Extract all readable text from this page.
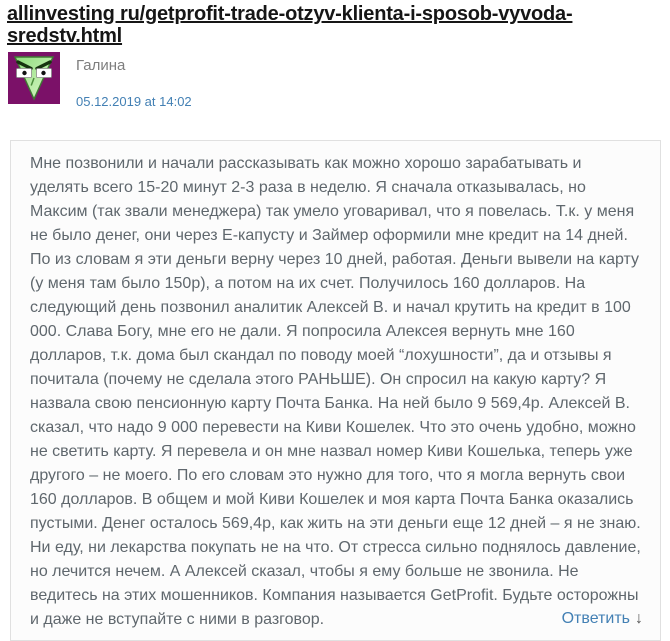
allinvesting ru/getprofit-trade-otzyv-klienta-i-sposob-vyvoda-sredstv.html
Галина
05.12.2019 at 14:02

Мне позвонили и начали рассказывать как можно хорошо зарабатывать и уделять всего 15-20 минут 2-3 раза в неделю. Я сначала отказывалась, но Максим (так звали менеджера) так умело уговаривал, что я повелась. Т.к. у меня не было денег, они через Е-капусту и Займер оформили мне кредит на 14 дней. По из словам я эти деньги верну через 10 дней, работая. Деньги вывели на карту (у меня там было 150р), а потом на их счет. Получилось 160 долларов. На следующий день позвонил аналитик Алексей В. и начал крутить на кредит в 100 000. Слава Богу, мне его не дали. Я попросила Алексея вернуть мне 160 долларов, т.к. дома был скандал по поводу моей “лохушности”, да и отзывы я почитала (почему не сделала этого РАНЬШЕ). Он спросил на какую карту? Я назвала свою пенсионную карту Почта Банка. На ней было 9 569,4р. Алексей В. сказал, что надо 9 000 перевести на Киви Кошелек. Что это очень удобно, можно не светить карту. Я перевела и он мне назвал номер Киви Кошелька, теперь уже другого – не моего. По его словам это нужно для того, что я могла вернуть свои 160 долларов. В общем и мой Киви Кошелек и моя карта Почта Банка оказались пустыми. Денег осталось 569,4р, как жить на эти деньги еще 12 дней – я не знаю. Ни еду, ни лекарства покупать не на что. От стресса сильно поднялось давление, но лечится нечем. А Алексей сказал, чтобы я ему больше не звонила. Не ведитесь на этих мошенников. Компания называется GetProfit. Будьте осторожны и даже не вступайте с ними в разговор.	Ответить ↓
